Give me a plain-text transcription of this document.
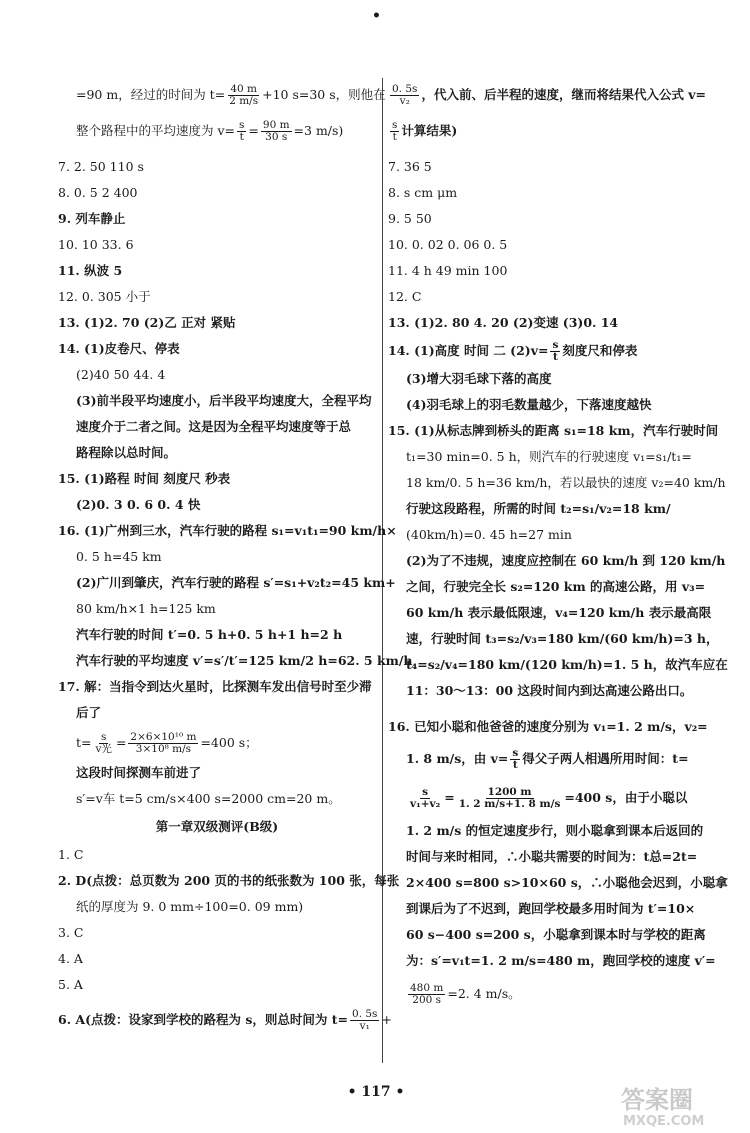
•
=90 m，经过的时间为 $t= \frac{40 m}{2 m/s} +10$ s=30 s，则他在
整个路程中的平均速度为 $v= \frac{s}{t} = \frac{90 m}{30 s} =3$ m/s)
7. 2. 50 110 s
8. 0. 5 2 400
9. 列车静止
10. 10 33. 6
11. 纵波 5
12. 0. 305 小于
13. (1)2. 70 (2)乙 正对 紧贴
14. (1)皮卷尺、停表
(2)40 50 44. 4
(3)前半段平均速度小，后半段平均速度大，全程平均
速度介于二者之间。这是因为全程平均速度等于总
路程除以总时间。
15. (1)路程 时间 刻度尺 秒表
(2)0. 3 0. 6 0. 4 快
16. (1)广州到三水，汽车行驶的路程 s₁=v₁t₁=90 km/h×
0. 5 h=45 km
(2)广川到肇庆，汽车行驶的路程 s′=s₁+v₂t₂=45 km+
80 km/h×1 h=125 km
汽车行驶的时间 t′=0. 5 h+0. 5 h+1 h=2 h
汽车行驶的平均速度 v′=s′/t′=125 km/2 h=62. 5 km/h
17. 解：当指令到达火星时，比探测车发出信号时至少滞
后了
$t= \frac{s}{\text{v光}} = \frac{\text{2×6×10¹⁰ m}}{\text{3×10⁸ m/s}} =400$ s；
这段时间探测车前进了
s′=v车 t=5 cm/s×400 s=2000 cm=20 m。
第一章双级测评(B级)
1. C
2. D(点拨：总页数为 200 页的书的纸张数为 100 张，每张
纸的厚度为 9. 0 mm÷100=0. 09 mm)
3. C
4. A
5. A
6. A(点拨：设家到学校的路程为 s，则总时间为 $t= \frac{0. 5s}{\text{v₁}}$ +
$\frac{0. 5s}{\text{v₂}}$ ，代入前、后半程的速度，继而将结果代入公式 v=
$\frac{s}{t}$ 计算结果)
7. 36 5
8. s cm μm
9. 5 50
10. 0. 02 0. 06 0. 5
11. 4 h 49 min 100
12. C
13. (1)2. 80 4. 20 (2)变速 (3)0. 14
14. (1)高度 时间 二 $(2)v= \frac{s}{t}$ 刻度尺和停表
(3)增大羽毛球下落的高度
(4)羽毛球上的羽毛数量越少，下落速度越快
15. (1)从标志牌到桥头的距离 s₁=18 km，汽车行驶时间
t₁=30 min=0. 5 h，则汽车的行驶速度 v₁=s₁/t₁=
18 km/0. 5 h=36 km/h，若以最快的速度 v₂=40 km/h
行驶这段路程，所需的时间 t₂=s₁/v₂=18 km/
(40km/h)=0. 45 h=27 min
(2)为了不违规，速度应控制在 60 km/h 到 120 km/h
之间，行驶完全长 s₂=120 km 的高速公路，用 v₃=
60 km/h 表示最低限速，v₄=120 km/h 表示最高限
速，行驶时间 t₃=s₂/v₃=180 km/(60 km/h)=3 h，
t₄=s₂/v₄=180 km/(120 km/h)=1. 5 h，故汽车应在
11：30～13：00 这段时间内到达高速公路出口。
16. 已知小聪和他爸爸的速度分别为 v₁=1. 2 m/s，v₂=
1. 8 m/s，由 $v= \frac{s}{t}$ 得父子两人相遇所用时间：t=
$\frac{s}{\text{v₁+v₂}} = \frac{1200 m}{1. 2 m/s+1. 8 m/s} =400$ s，由于小聪以
1. 2 m/s 的恒定速度步行，则小聪拿到课本后返回的
时间与来时相同，∴小聪共需要的时间为：t总=2t=
2×400 s=800 s>10×60 s，∴小聪他会迟到，小聪拿
到课后为了不迟到，跑回学校最多用时间为 t′=10×
60 s−400 s=200 s，小聪拿到课本时与学校的距离
为：s′=v₁t=1. 2 m/s=480 m，跑回学校的速度 v′=
$\frac{480 m}{200 s} =2$. 4 m/s。
• 117 •	答案圈
MXQE.COM
